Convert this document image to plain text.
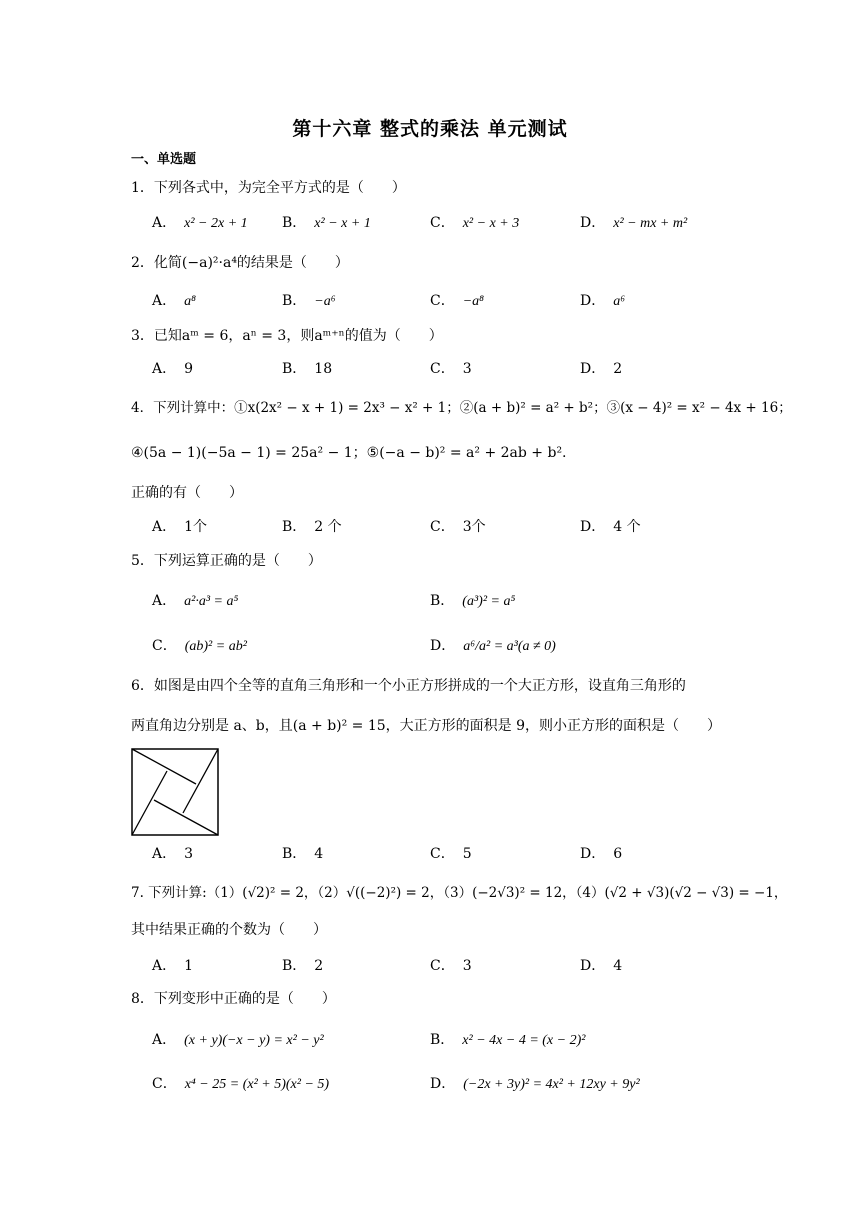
第十六章 整式的乘法 单元测试
一、单选题
1．下列各式中，为完全平方式的是（　　）
A． x² − 2x + 1 B． x² − x + 1	C． x² − x + 3	D． x² − mx + m²
2．化简(−a)²·a⁴的结果是（　　）
A． a⁸	B． −a⁶	C． −a⁸	D． a⁶
3．已知aᵐ = 6，aⁿ = 3，则aᵐ⁺ⁿ的值为（　　）
A． 9	B． 18	C． 3	D． 2
4．下列计算中：①x(2x² − x + 1) = 2x³ − x² + 1；②(a + b)² = a² + b²；③(x − 4)² = x² − 4x + 16；
④(5a − 1)(−5a − 1) = 25a² − 1；⑤(−a − b)² = a² + 2ab + b².
正确的有（　　）
A． 1个	B． 2 个	C． 3个	D． 4 个
5．下列运算正确的是（　　）
A． a²·a³ = a⁵	B． (a³)² = a⁵
C． (ab)² = ab²	D． a⁶/a² = a³(a ≠ 0)
6．如图是由四个全等的直角三角形和一个小正方形拼成的一个大正方形，设直角三角形的
两直角边分别是 a、b，且(a + b)² = 15，大正方形的面积是 9，则小正方形的面积是（　　）
A． 3	B． 4	C． 5	D． 6
7. 下列计算:（1）(√2)² = 2，（2）√((−2)²) = 2，（3）(−2√3)² = 12，（4）(√2 + √3)(√2 − √3) = −1，
其中结果正确的个数为（　　）
A． 1	B． 2	C． 3	D． 4
8．下列变形中正确的是（　　）
A． (x + y)(−x − y) = x² − y²	B． x² − 4x − 4 = (x − 2)²
C． x⁴ − 25 = (x² + 5)(x² − 5)	D． (−2x + 3y)² = 4x² + 12xy + 9y²
